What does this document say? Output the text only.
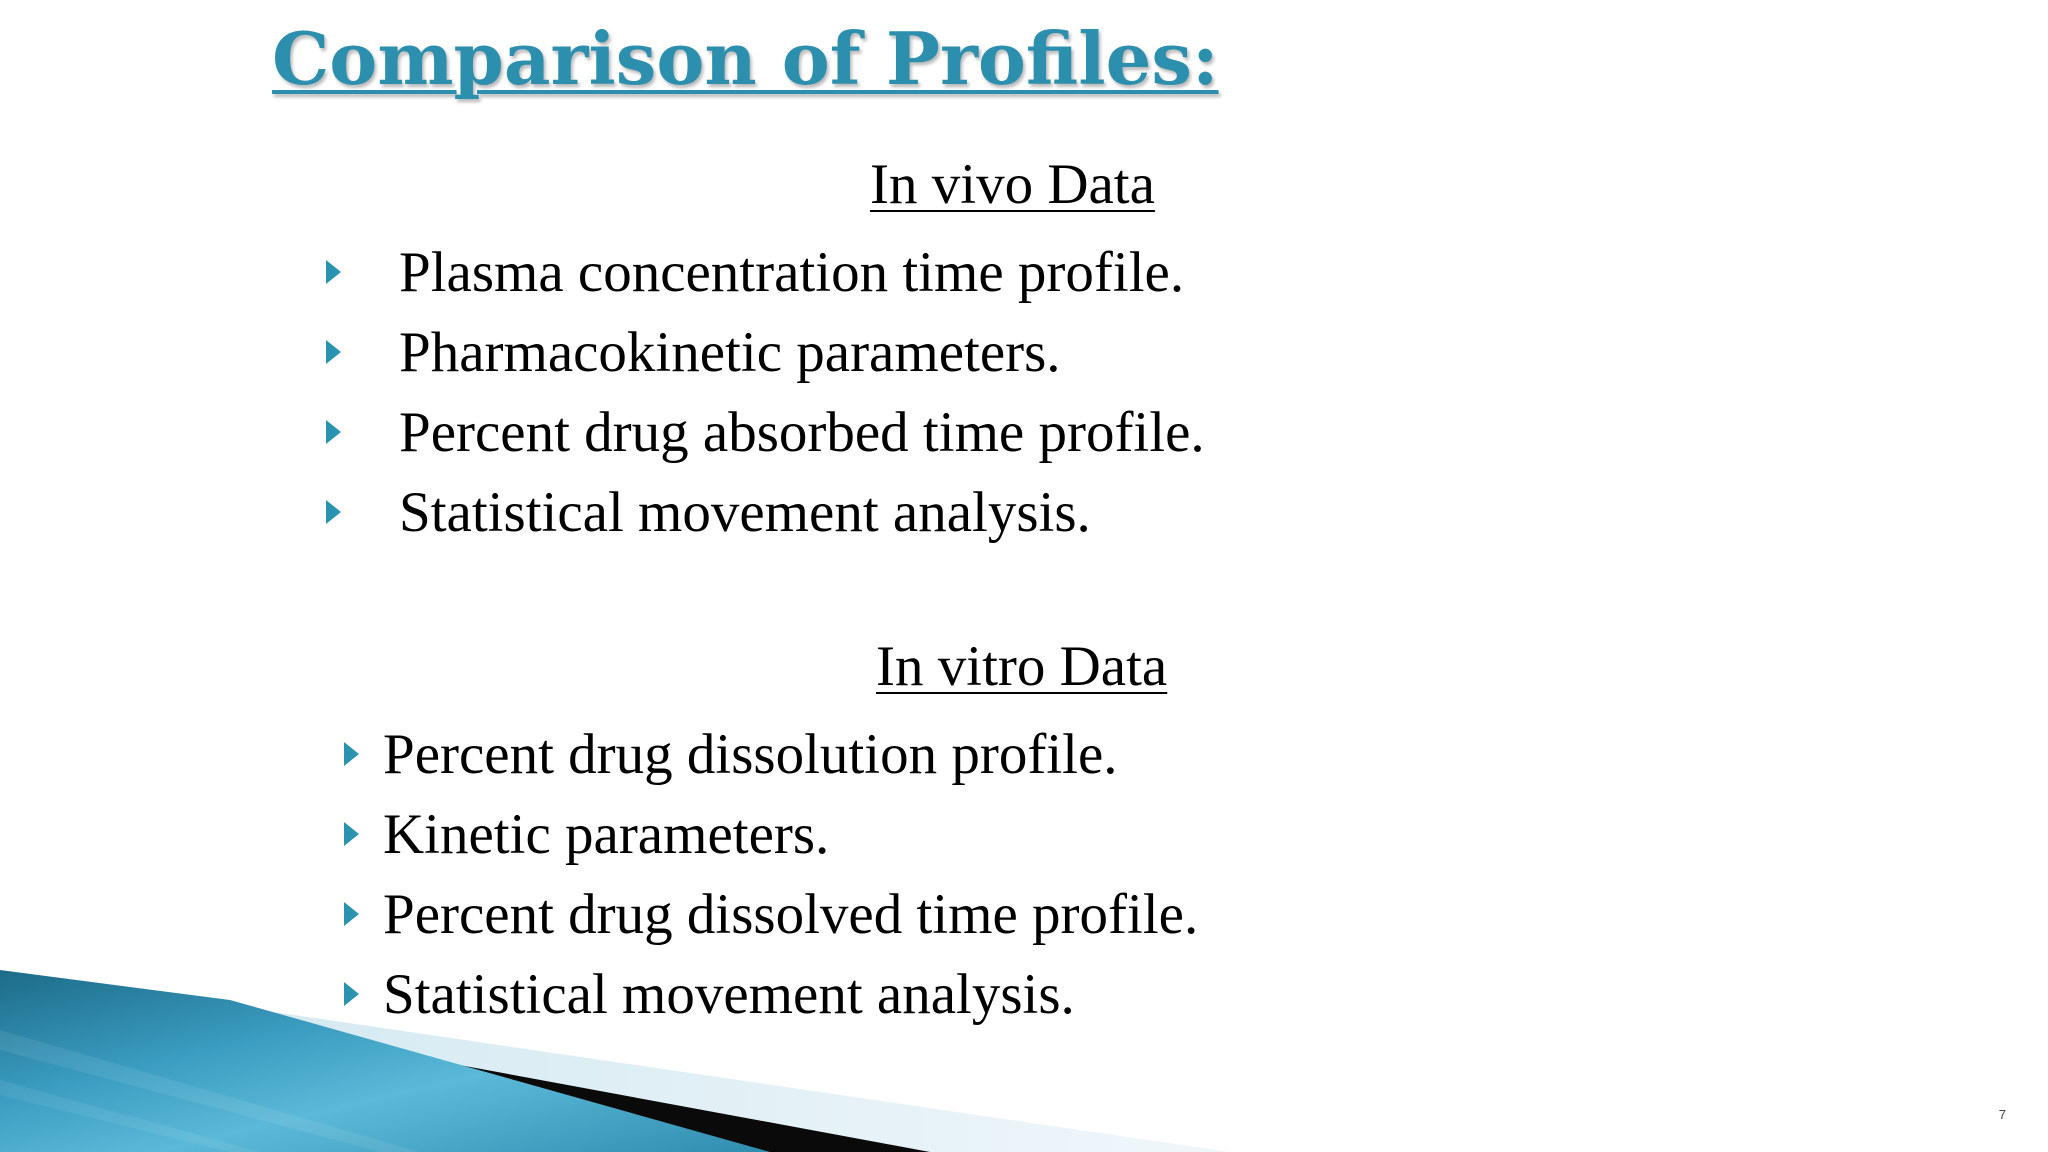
Comparison of Profiles:
In vivo Data
Plasma concentration time profile.
Pharmacokinetic parameters.
Percent drug absorbed time profile.
Statistical movement analysis.
In vitro Data
Percent drug dissolution profile.
Kinetic parameters.
Percent drug dissolved time profile.
Statistical movement analysis.
7
